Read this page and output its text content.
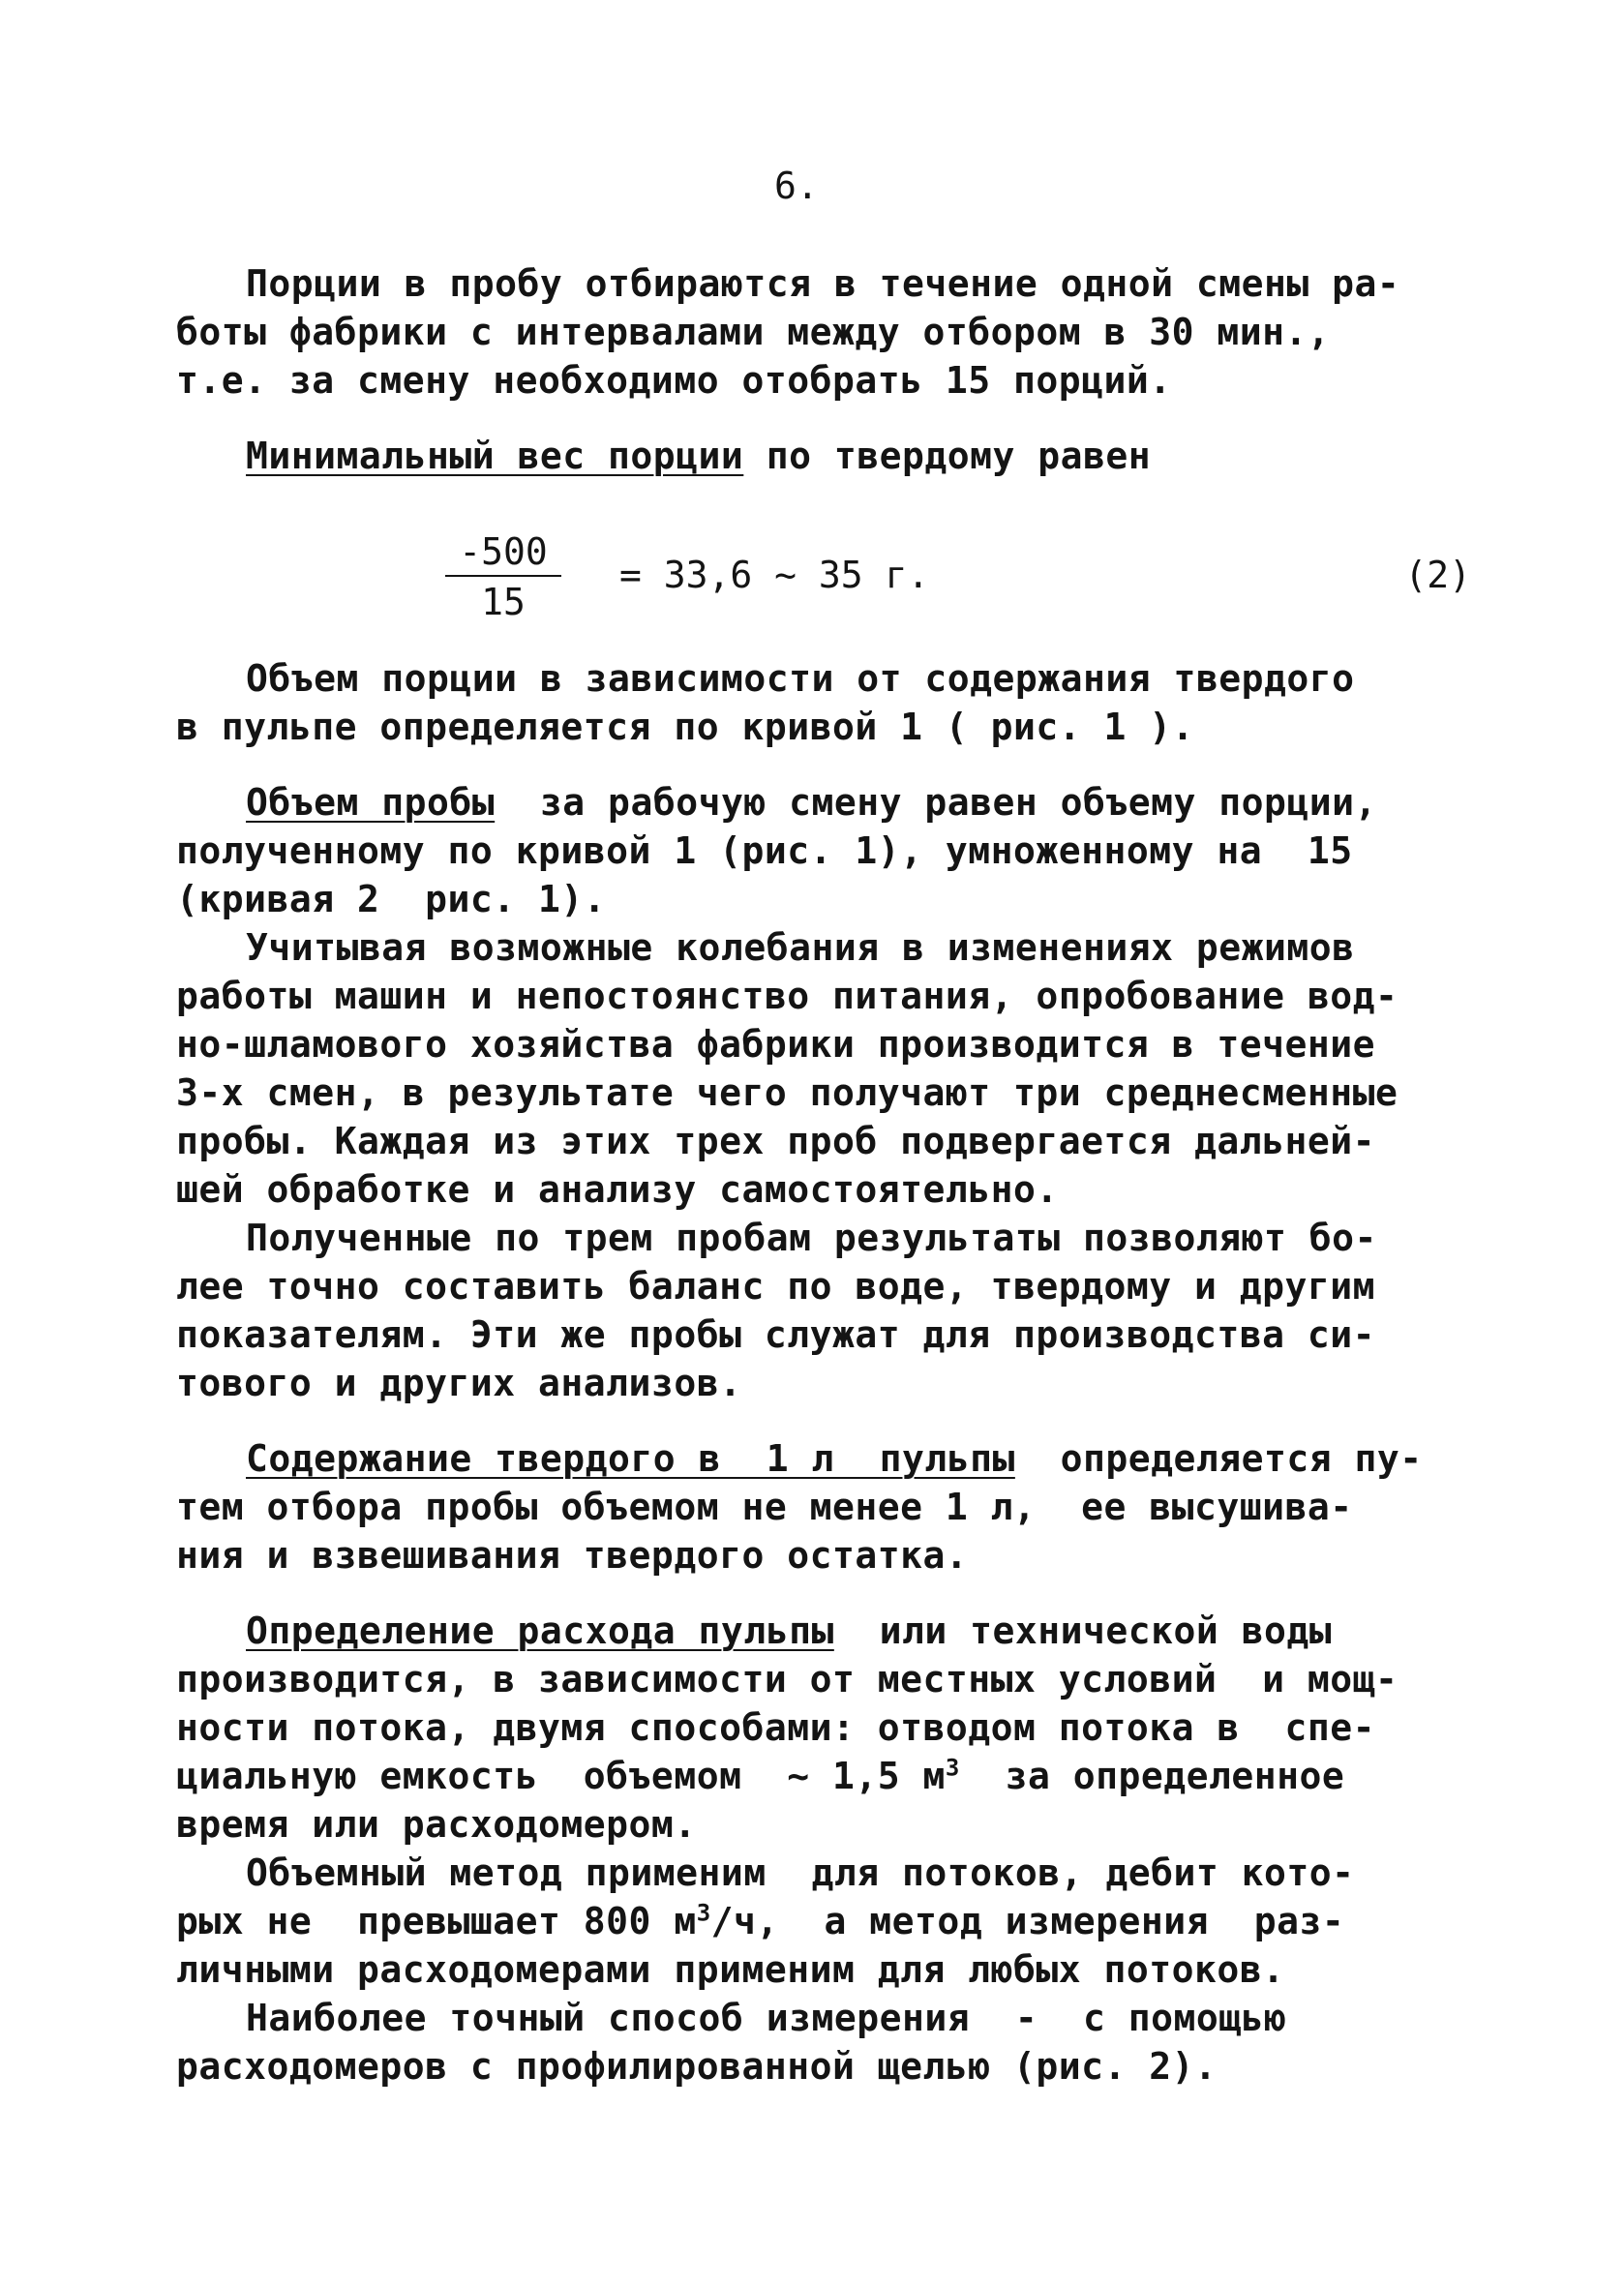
6.
Порции в пробу отбираются в течение одной смены ра-
боты фабрики с интервалами между отбором в 30 мин.,
т.е. за смену необходимо отобрать 15 порций.
Минимальный вес порции по твердому равен
-500
15
= 33,6 ~ 35 г.	(2)
Объем порции в зависимости от содержания твердого
в пульпе определяется по кривой 1 ( рис. 1 ).
Объем пробы  за рабочую смену равен объему порции,
полученному по кривой 1 (рис. 1), умноженному на  15
(кривая 2  рис. 1).
Учитывая возможные колебания в изменениях режимов
работы машин и непостоянство питания, опробование вод-
но-шламового хозяйства фабрики производится в течение
3-х смен, в результате чего получают три среднесменные
пробы. Каждая из этих трех проб подвергается дальней-
шей обработке и анализу самостоятельно.
Полученные по трем пробам результаты позволяют бо-
лее точно составить баланс по воде, твердому и другим
показателям. Эти же пробы служат для производства си-
тового и других анализов.
Содержание твердого в  1 л  пульпы  определяется пу-
тем отбора пробы объемом не менее 1 л,  ее высушива-
ния и взвешивания твердого остатка.
Определение расхода пульпы  или технической воды
производится, в зависимости от местных условий  и мощ-
ности потока, двумя способами: отводом потока в  спе-
циальную емкость  объемом  ~ 1,5 $м^3$  за определенное
время или расходомером.
Объемный метод применим  для потоков, дебит кото-
рых не  превышает 800 $м^3/ч$,  а метод измерения  раз-
личными расходомерами применим для любых потоков.
Наиболее точный способ измерения  -  с помощью
расходомеров с профилированной щелью (рис. 2).
